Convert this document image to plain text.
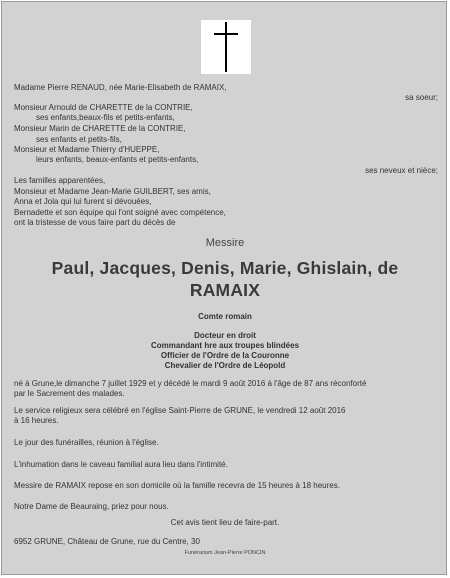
Madame Pierre RENAUD, née Marie-Elisabeth de RAMAIX,
sa soeur;
Monsieur Arnould de CHARETTE de la CONTRIE,
ses enfants,beaux-fils et petits-enfants,
Monsieur Marin de CHARETTE de la CONTRIE,
ses enfants et petits-fils,
Monsieur et Madame Thierry d'HUEPPE,
leurs enfants, beaux-enfants et petits-enfants,
ses neveux et nièce;
Les familles apparentées,
Monsieur et Madame Jean-Marie GUILBERT, ses amis,
Anna et Jola qui lui furent si dévouées,
Bernadette et son équipe qui l'ont soigné avec compétence,
ont la tristesse de vous faire part du décès de
Messire
Paul, Jacques, Denis, Marie, Ghislain, de
RAMAIX
Comte romain
Docteur en droit
Commandant hre aux troupes blindées
Officier de l'Ordre de la Couronne
Chevalier de l'Ordre de Léopold
né à Grune,le dimanche 7 juillet 1929 et y décédé le mardi 9 août 2016 à l'âge de 87 ans réconforté
par le Sacrement des malades.
Le service religieux sera célébré en l'église Saint-Pierre de GRUNE, le vendredi 12 août 2016
à 16 heures.
Le jour des funérailles, réunion à l'église.
L'inhumation dans le caveau familial aura lieu dans l'intimité.
Messire de RAMAIX repose en son domicile où la famille recevra de 15 heures à 18 heures.
Notre Dame de Beauraing, priez pour nous.
Cet avis tient lieu de faire-part.
6952 GRUNE, Château de Grune, rue du Centre, 30
Funérarium Jean-Pierre PONCIN
